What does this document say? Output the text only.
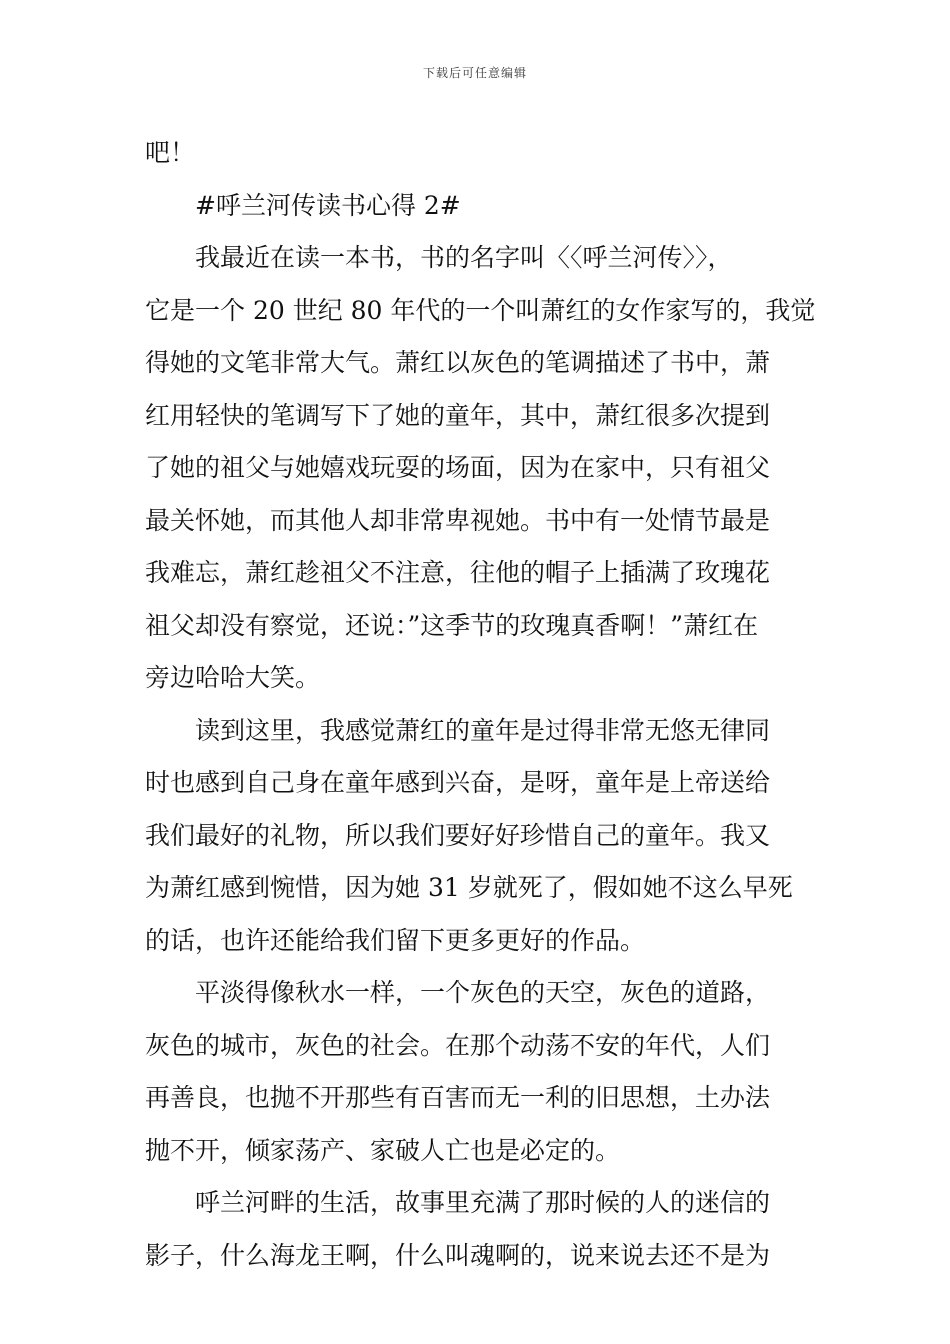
下载后可任意编辑
吧！
#呼兰河传读书心得 2#
我最近在读一本书，书的名字叫〈〈呼兰河传〉〉，
它是一个 20 世纪 80 年代的一个叫萧红的女作家写的，我觉
得她的文笔非常大气。萧红以灰色的笔调描述了书中，萧
红用轻快的笔调写下了她的童年，其中，萧红很多次提到
了她的祖父与她嬉戏玩耍的场面，因为在家中，只有祖父
最关怀她，而其他人却非常卑视她。书中有一处情节最是
我难忘，萧红趁祖父不注意，往他的帽子上插满了玫瑰花
祖父却没有察觉，还说：”这季节的玫瑰真香啊！”萧红在
旁边哈哈大笑。
读到这里，我感觉萧红的童年是过得非常无悠无律同
时也感到自己身在童年感到兴奋，是呀，童年是上帝送给
我们最好的礼物，所以我们要好好珍惜自己的童年。我又
为萧红感到惋惜，因为她 31 岁就死了，假如她不这么早死
的话，也许还能给我们留下更多更好的作品。
平淡得像秋水一样，一个灰色的天空，灰色的道路，
灰色的城市，灰色的社会。在那个动荡不安的年代，人们
再善良，也抛不开那些有百害而无一利的旧思想，土办法
抛不开，倾家荡产、家破人亡也是必定的。
呼兰河畔的生活，故事里充满了那时候的人的迷信的
影子，什么海龙王啊，什么叫魂啊的，说来说去还不是为
